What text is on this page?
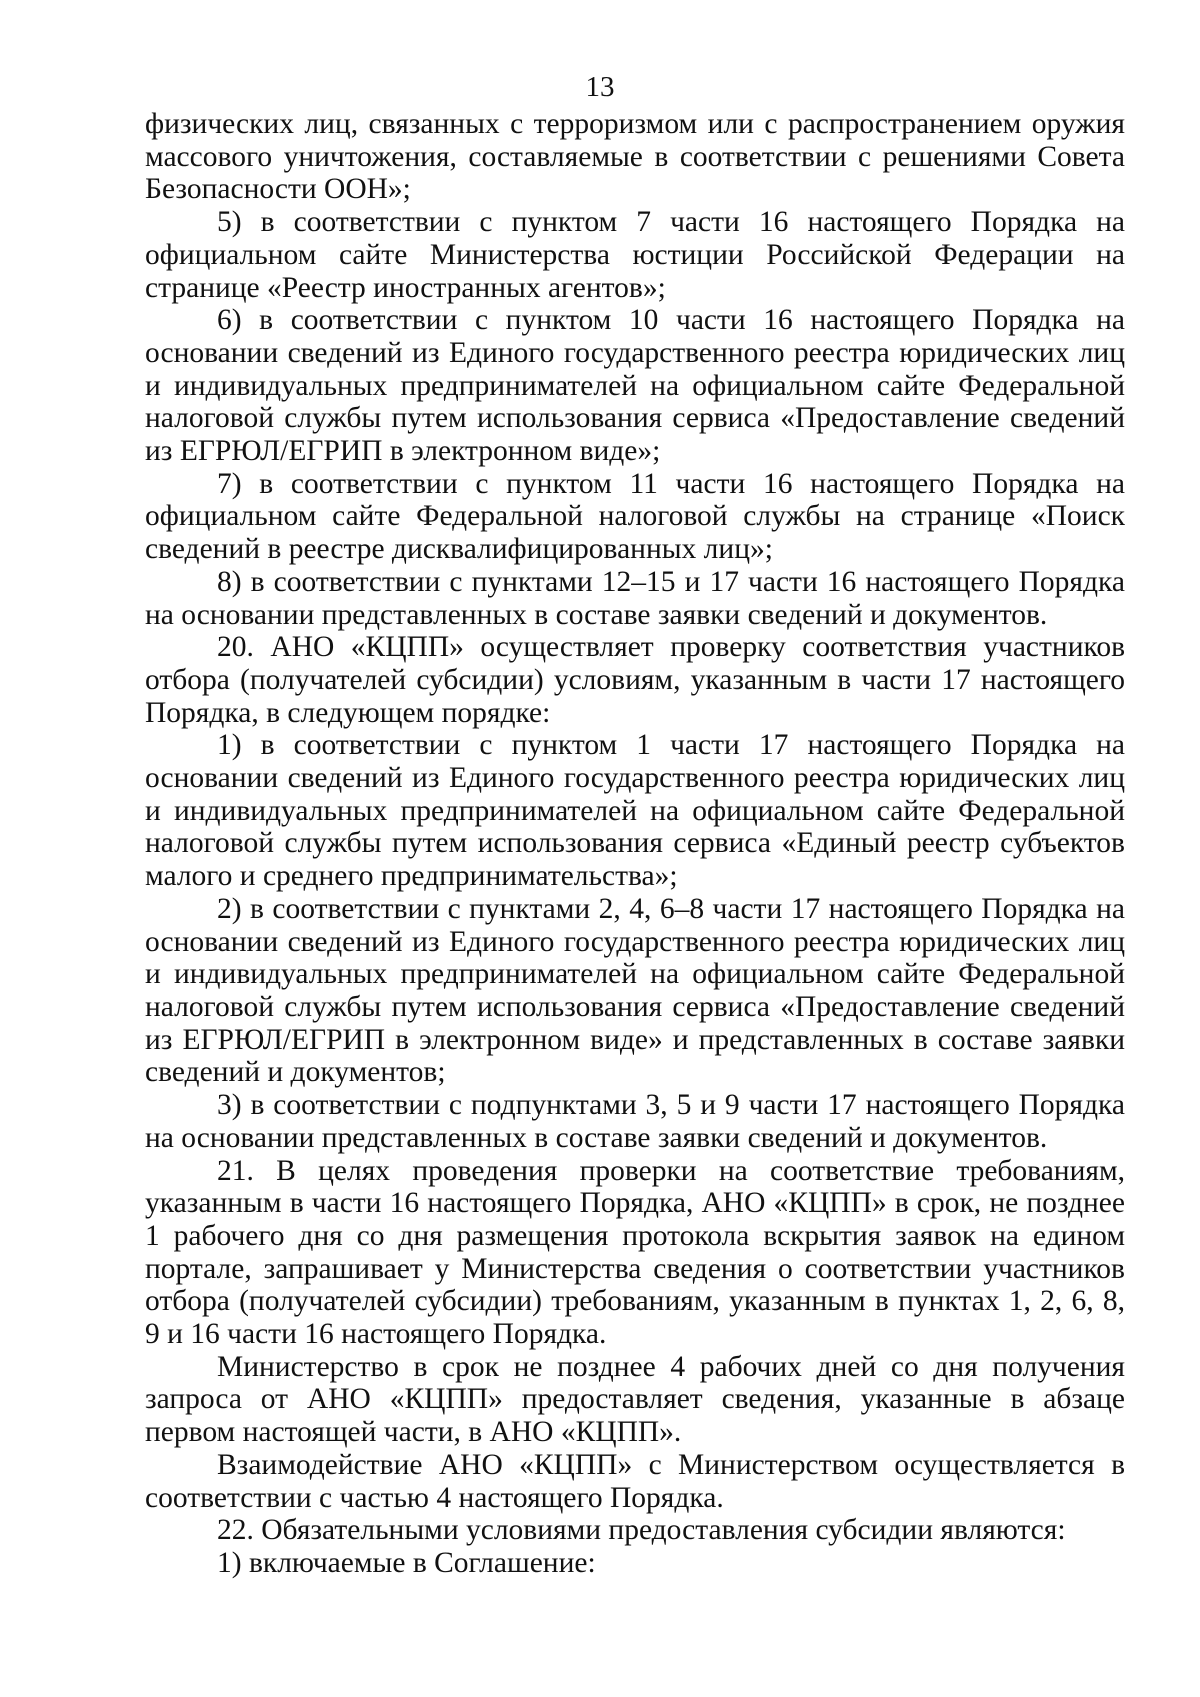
13

физических лиц, связанных с терроризмом или с распространением оружия массового уничтожения, составляемые в соответствии с решениями Совета Безопасности ООН»;

5) в соответствии с пунктом 7 части 16 настоящего Порядка на официальном сайте Министерства юстиции Российской Федерации на странице «Реестр иностранных агентов»;

6) в соответствии с пунктом 10 части 16 настоящего Порядка на основании сведений из Единого государственного реестра юридических лиц и индивидуальных предпринимателей на официальном сайте Федеральной налоговой службы путем использования сервиса «Предоставление сведений из ЕГРЮЛ/ЕГРИП в электронном виде»;

7) в соответствии с пунктом 11 части 16 настоящего Порядка на официальном сайте Федеральной налоговой службы на странице «Поиск сведений в реестре дисквалифицированных лиц»;

8) в соответствии с пунктами 12–15 и 17 части 16 настоящего Порядка на основании представленных в составе заявки сведений и документов.

20. АНО «КЦПП» осуществляет проверку соответствия участников отбора (получателей субсидии) условиям, указанным в части 17 настоящего Порядка, в следующем порядке:

1) в соответствии с пунктом 1 части 17 настоящего Порядка на основании сведений из Единого государственного реестра юридических лиц и индивидуальных предпринимателей на официальном сайте Федеральной налоговой службы путем использования сервиса «Единый реестр субъектов малого и среднего предпринимательства»;

2) в соответствии с пунктами 2, 4, 6–8 части 17 настоящего Порядка на основании сведений из Единого государственного реестра юридических лиц и индивидуальных предпринимателей на официальном сайте Федеральной налоговой службы путем использования сервиса «Предоставление сведений из ЕГРЮЛ/ЕГРИП в электронном виде» и представленных в составе заявки сведений и документов;

3) в соответствии с подпунктами 3, 5 и 9 части 17 настоящего Порядка на основании представленных в составе заявки сведений и документов.

21. В целях проведения проверки на соответствие требованиям, указанным в части 16 настоящего Порядка, АНО «КЦПП» в срок, не позднее 1 рабочего дня со дня размещения протокола вскрытия заявок на едином портале, запрашивает у Министерства сведения о соответствии участников отбора (получателей субсидии) требованиям, указанным в пунктах 1, 2, 6, 8, 9 и 16 части 16 настоящего Порядка.

Министерство в срок не позднее 4 рабочих дней со дня получения запроса от АНО «КЦПП» предоставляет сведения, указанные в абзаце первом настоящей части, в АНО «КЦПП».

Взаимодействие АНО «КЦПП» с Министерством осуществляется в соответствии с частью 4 настоящего Порядка.

22. Обязательными условиями предоставления субсидии являются:

1) включаемые в Соглашение:
